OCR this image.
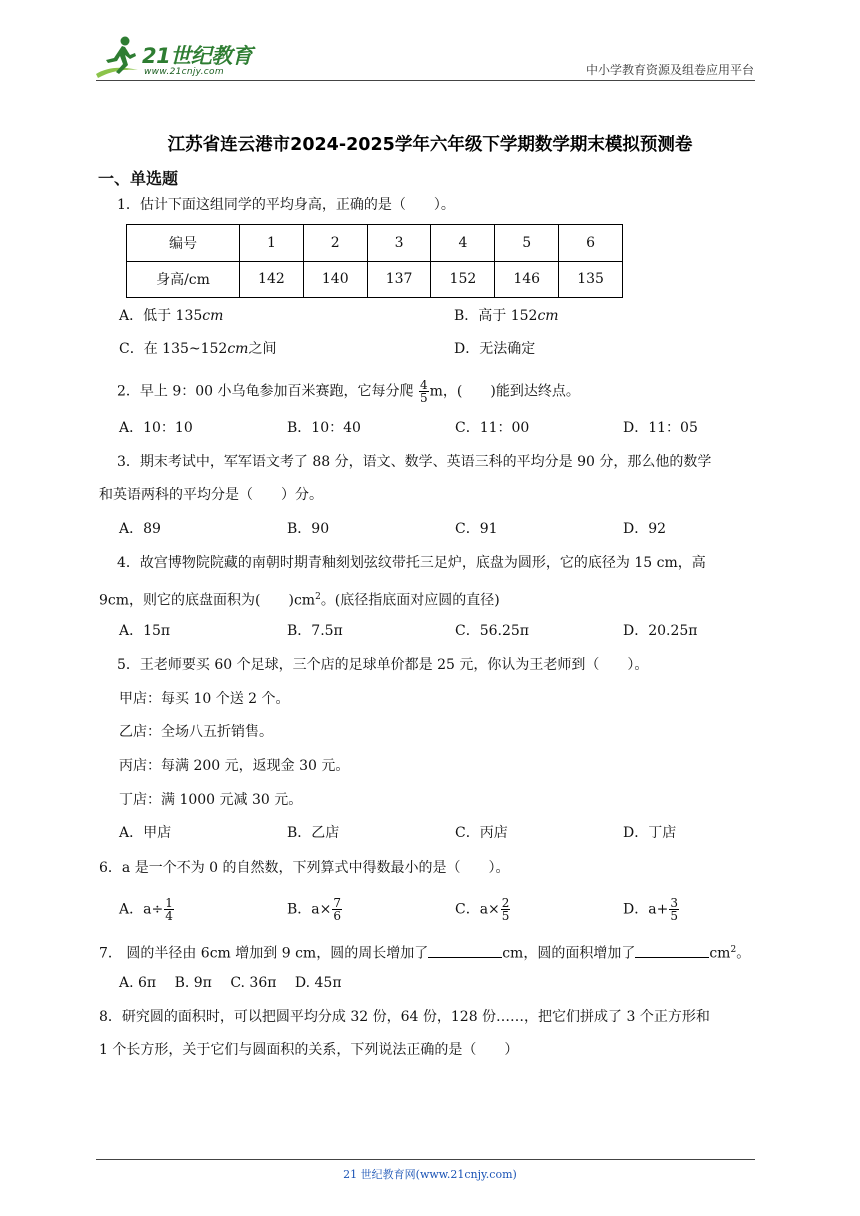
21世纪教育
www.21cnjy.com	中小学教育资源及组卷应用平台
江苏省连云港市2024-2025学年六年级下学期数学期末模拟预测卷
一、单选题
1．估计下面这组同学的平均身高，正确的是（　　）。
编号	1	2	3	4	5	6
身高/cm	142	140	137	152	146	135
A．低于 135cm	B．高于 152cm
C．在 135~152cm之间	D．无法确定
2．早上 9：00 小乌龟参加百米赛跑，它每分爬 $\frac{4}{5}$ m，(　　)能到达终点。
A．10：10	B．10：40	C．11：00	D．11：05
3．期末考试中，军军语文考了 88 分，语文、数学、英语三科的平均分是 90 分，那么他的数学
和英语两科的平均分是（　　）分。
A．89	B．90	C．91	D．92
4．故宫博物院院藏的南朝时期青釉刻划弦纹带托三足炉，底盘为圆形，它的底径为 15 cm，高
9cm，则它的底盘面积为(　　)$cm^2$。(底径指底面对应圆的直径)
A．15π	B．7.5π	C．56.25π	D．20.25π
5．王老师要买 60 个足球，三个店的足球单价都是 25 元，你认为王老师到（　　）。
甲店：每买 10 个送 2 个。
乙店：全场八五折销售。
丙店：每满 200 元，返现金 30 元。
丁店：满 1000 元减 30 元。
A．甲店	B．乙店	C．丙店	D．丁店
6．a 是一个不为 0 的自然数，下列算式中得数最小的是（　　）。
A．$a\div \frac{1}{4}$	B．$a\times \frac{7}{6}$	C．$a\times \frac{2}{5}$	D．$a+ \frac{3}{5}$
7． 圆的半径由 6cm 增加到 9 cm，圆的周长增加了	cm，圆的面积增加了	$cm^2$。
A. 6π　 B. 9π　 C. 36π　 D. 45π
8．研究圆的面积时，可以把圆平均分成 32 份，64 份，128 份……，把它们拼成了 3 个正方形和
1 个长方形，关于它们与圆面积的关系，下列说法正确的是（　　）
21 世纪教育网(www.21cnjy.com)
